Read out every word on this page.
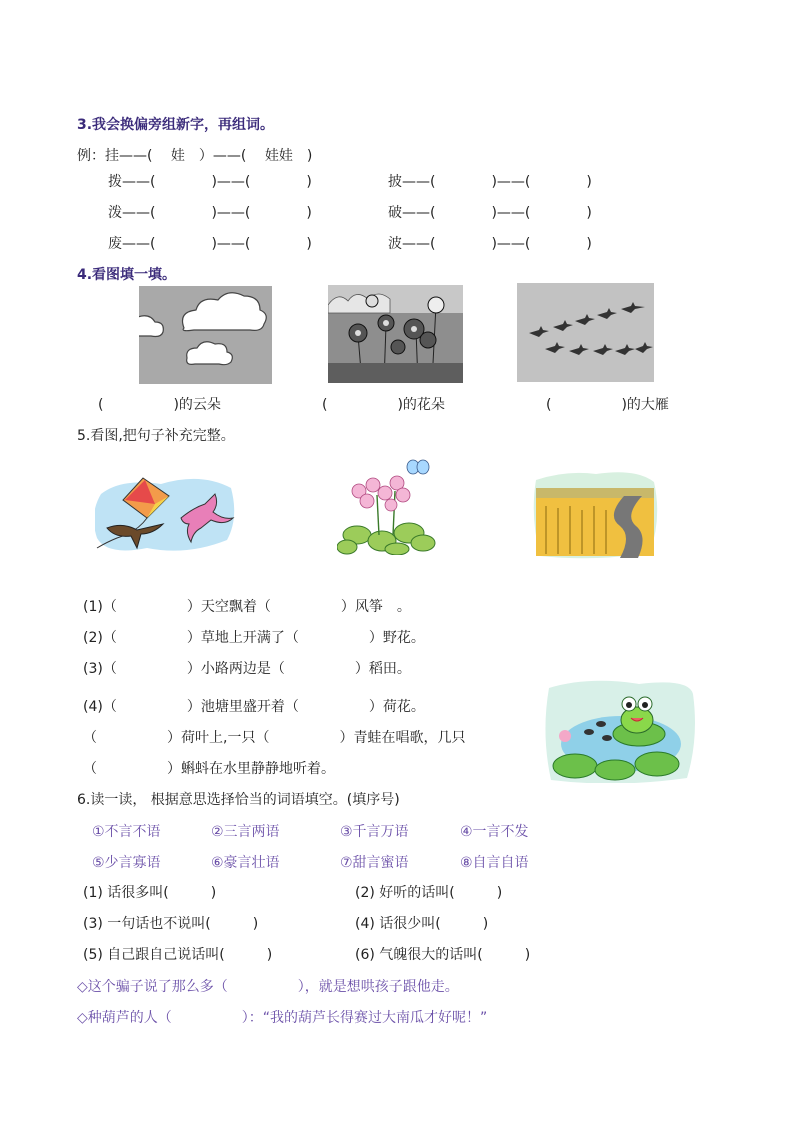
3.我会换偏旁组新字，再组词。
例：挂——(　 娃　）——(　 娃娃　)
拨——(　　　　)——(　　　　)	披——(　　　　)——(　　　　)
泼——(　　　　)——(　　　　)	破——(　　　　)——(　　　　)
废——(　　　　)——(　　　　)	波——(　　　　)——(　　　　)
4.看图填一填。
(　　　　　)的云朵	(　　　　　)的花朵	(　　　　　)的大雁
5.看图,把句子补充完整。
(1)（　　　　　）天空飘着（　　　　　）风筝　。
(2)（　　　　　）草地上开满了（　　　　　）野花。
(3)（　　　　　）小路两边是（　　　　　）稻田。
(4)（　　　　　）池塘里盛开着（　　　　　）荷花。
（　　　　　）荷叶上,一只（　　　　　）青蛙在唱歌，几只
（　　　　　）蝌蚪在水里静静地听着。
6.读一读， 根据意思选择恰当的词语填空。(填序号)
①不言不语	②三言两语	③千言万语	④一言不发
⑤少言寡语	⑥豪言壮语	⑦甜言蜜语	⑧自言自语
(1) 话很多叫(　　　)	(2) 好听的话叫(　　　)
(3) 一句话也不说叫(　　　)	(4) 话很少叫(　　　)
(5) 自己跟自己说话叫(　　　)	(6) 气魄很大的话叫(　　　)
◇这个骗子说了那么多（　　　　　），就是想哄孩子跟他走。
◇种葫芦的人（　　　　　）：“我的葫芦长得赛过大南瓜才好呢！”
